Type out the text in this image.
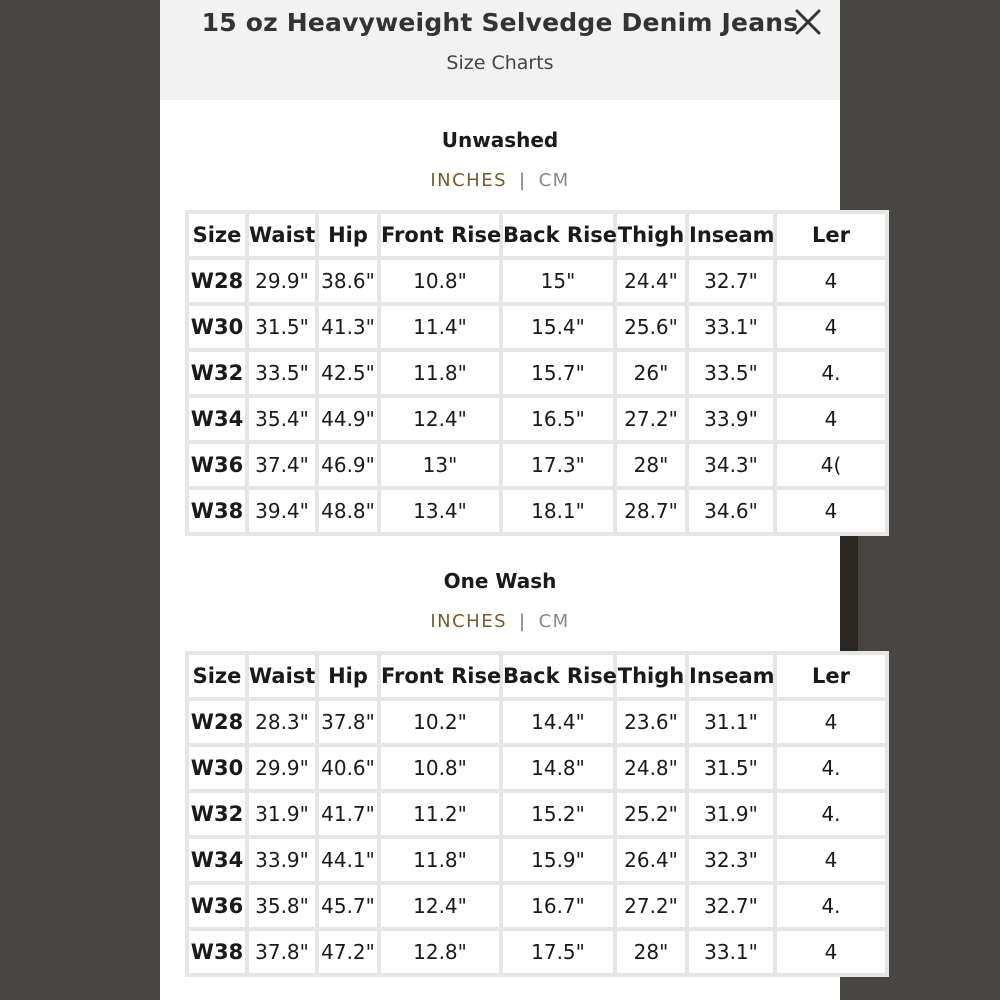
15 oz Heavyweight Selvedge Denim Jeans
Size Charts
Unwashed
INCHES | CM
Size	Waist	Hip	Front Rise	Back Rise	Thigh	Inseam	Ler
W28	29.9"	38.6"	10.8"	15"	24.4"	32.7"	4
W30	31.5"	41.3"	11.4"	15.4"	25.6"	33.1"	4
W32	33.5"	42.5"	11.8"	15.7"	26"	33.5"	4.
W34	35.4"	44.9"	12.4"	16.5"	27.2"	33.9"	4
W36	37.4"	46.9"	13"	17.3"	28"	34.3"	4(
W38	39.4"	48.8"	13.4"	18.1"	28.7"	34.6"	4
One Wash
INCHES | CM
Size	Waist	Hip	Front Rise	Back Rise	Thigh	Inseam	Ler
W28	28.3"	37.8"	10.2"	14.4"	23.6"	31.1"	4
W30	29.9"	40.6"	10.8"	14.8"	24.8"	31.5"	4.
W32	31.9"	41.7"	11.2"	15.2"	25.2"	31.9"	4.
W34	33.9"	44.1"	11.8"	15.9"	26.4"	32.3"	4
W36	35.8"	45.7"	12.4"	16.7"	27.2"	32.7"	4.
W38	37.8"	47.2"	12.8"	17.5"	28"	33.1"	4
